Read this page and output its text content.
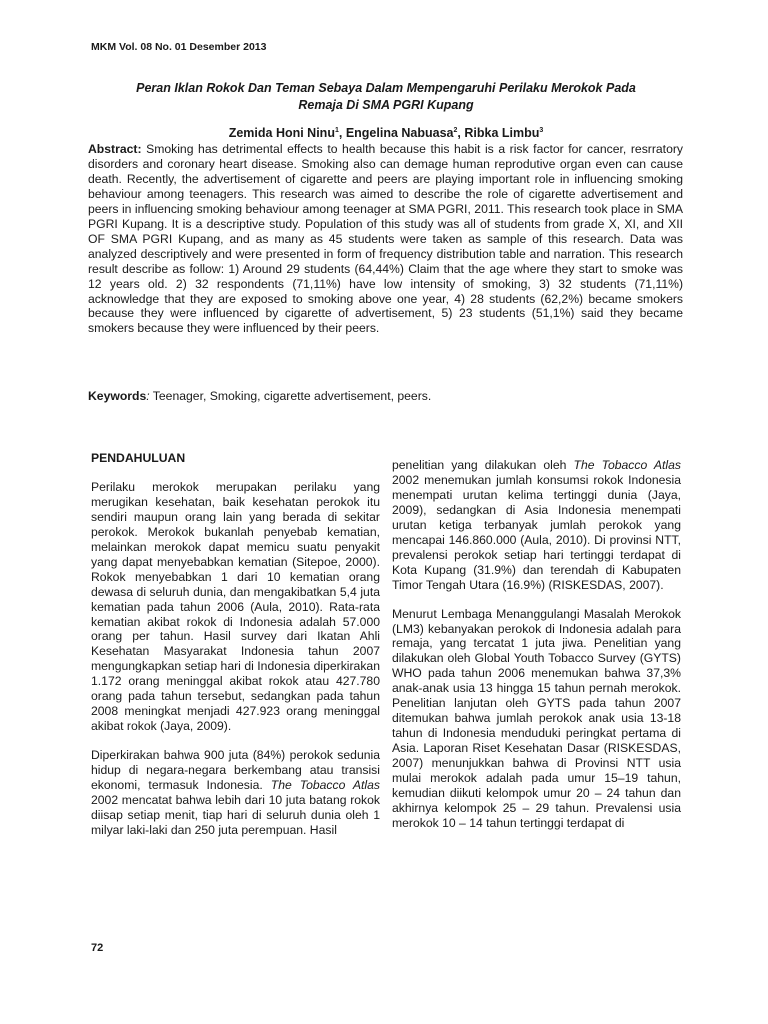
MKM Vol. 08 No. 01 Desember 2013
Peran Iklan Rokok Dan Teman Sebaya Dalam Mempengaruhi Perilaku Merokok Pada
Remaja Di SMA PGRI Kupang
Zemida Honi Ninu$^1$, Engelina Nabuasa$^2$, Ribka Limbu$^3$
Abstract: Smoking has detrimental effects to health because this habit is a risk factor for cancer, resrratory disorders and coronary heart disease. Smoking also can demage human reprodutive organ even can cause death. Recently, the advertisement of cigarette and peers are playing important role in influencing smoking behaviour among teenagers. This research was aimed to describe the role of cigarette advertisement and peers in influencing smoking behaviour among teenager at SMA PGRI, 2011. This research took place in SMA PGRI Kupang. It is a descriptive study. Population of this study was all of students from grade X, XI, and XII OF SMA PGRI Kupang, and as many as 45 students were taken as sample of this research. Data was analyzed descriptively and were presented in form of frequency distribution table and narration. This research result describe as follow: 1) Around 29 students (64,44%) Claim that the age where they start to smoke was 12 years old. 2) 32 respondents (71,11%) have low intensity of smoking, 3) 32 students (71,11%) acknowledge that they are exposed to smoking above one year, 4) 28 students (62,2%) became smokers because they were influenced by cigarette of advertisement, 5) 23 students (51,1%) said they became smokers because they were influenced by their peers.
Keywords: Teenager, Smoking, cigarette advertisement, peers.
PENDAHULUAN

Perilaku merokok merupakan perilaku yang merugikan kesehatan, baik kesehatan perokok itu sendiri maupun orang lain yang berada di sekitar perokok. Merokok bukanlah penyebab kematian, melainkan merokok dapat memicu suatu penyakit yang dapat menyebabkan kematian (Sitepoe, 2000). Rokok menyebabkan 1 dari 10 kematian orang dewasa di seluruh dunia, dan mengakibatkan 5,4 juta kematian pada tahun 2006 (Aula, 2010). Rata-rata kematian akibat rokok di Indonesia adalah 57.000 orang per tahun. Hasil survey dari Ikatan Ahli Kesehatan Masyarakat Indonesia tahun 2007 mengungkapkan setiap hari di Indonesia diperkirakan 1.172 orang meninggal akibat rokok atau 427.780 orang pada tahun tersebut, sedangkan pada tahun 2008 meningkat menjadi 427.923 orang meninggal akibat rokok (Jaya, 2009).

Diperkirakan bahwa 900 juta (84%) perokok sedunia hidup di negara-negara berkembang atau transisi ekonomi, termasuk Indonesia. The Tobacco Atlas 2002 mencatat bahwa lebih dari 10 juta batang rokok diisap setiap menit, tiap hari di seluruh dunia oleh 1 milyar laki-laki dan 250 juta perempuan. Hasil

penelitian yang dilakukan oleh The Tobacco Atlas 2002 menemukan jumlah konsumsi rokok Indonesia menempati urutan kelima tertinggi dunia (Jaya, 2009), sedangkan di Asia Indonesia menempati urutan ketiga terbanyak jumlah perokok yang mencapai 146.860.000 (Aula, 2010). Di provinsi NTT, prevalensi perokok setiap hari tertinggi terdapat di Kota Kupang (31.9%) dan terendah di Kabupaten Timor Tengah Utara (16.9%) (RISKESDAS, 2007).

Menurut Lembaga Menanggulangi Masalah Merokok (LM3) kebanyakan perokok di Indonesia adalah para remaja, yang tercatat 1 juta jiwa. Penelitian yang dilakukan oleh Global Youth Tobacco Survey (GYTS) WHO pada tahun 2006 menemukan bahwa 37,3% anak-anak usia 13 hingga 15 tahun pernah merokok. Penelitian lanjutan oleh GYTS pada tahun 2007 ditemukan bahwa jumlah perokok anak usia 13-18 tahun di Indonesia menduduki peringkat pertama di Asia. Laporan Riset Kesehatan Dasar (RISKESDAS, 2007) menunjukkan bahwa di Provinsi NTT usia mulai merokok adalah pada umur 15–19 tahun, kemudian diikuti kelompok umur 20 – 24 tahun dan akhirnya kelompok 25 – 29 tahun. Prevalensi usia merokok 10 – 14 tahun tertinggi terdapat di

72
